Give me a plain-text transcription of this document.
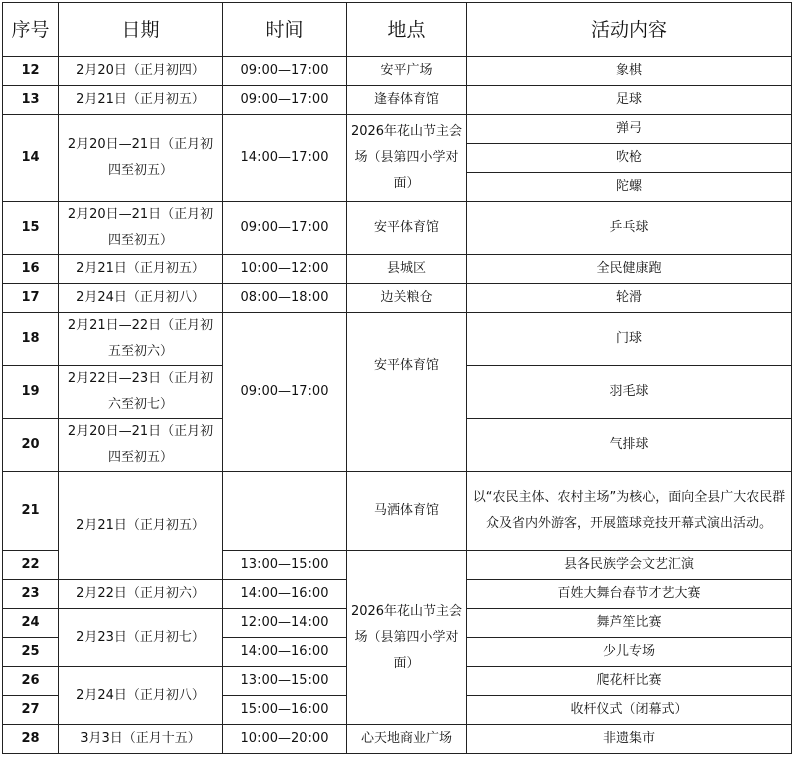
序号	日期	时间	地点	活动内容
12	2月20日（正月初四）	09:00—17:00	安平广场	象棋
13	2月21日（正月初五）	09:00—17:00	逢春体育馆	足球
14	2月20日—21日（正月初四至初五）	14:00—17:00	2026年花山节主会场（县第四小学对面）	弹弓
				吹枪
				陀螺
15	2月20日—21日（正月初四至初五）	09:00—17:00	安平体育馆	乒乓球
16	2月21日（正月初五）	10:00—12:00	县城区	全民健康跑
17	2月24日（正月初八）	08:00—18:00	边关粮仓	轮滑
18	2月21日—22日（正月初五至初六）	09:00—17:00	安平体育馆	门球
19	2月22日—23日（正月初六至初七）			羽毛球
20	2月20日—21日（正月初四至初五）			气排球
21	2月21日（正月初五）		马洒体育馆	以“农民主体、农村主场”为核心，面向全县广大农民群众及省内外游客，开展篮球竞技开幕式演出活动。
22		13:00—15:00	2026年花山节主会场（县第四小学对面）	县各民族学会文艺汇演
23	2月22日（正月初六）	14:00—16:00		百姓大舞台春节才艺大赛
24	2月23日（正月初七）	12:00—14:00		舞芦笙比赛
25		14:00—16:00		少儿专场
26	2月24日（正月初八）	13:00—15:00		爬花杆比赛
27		15:00—16:00		收杆仪式（闭幕式）
28	3月3日（正月十五）	10:00—20:00	心天地商业广场	非遗集市
